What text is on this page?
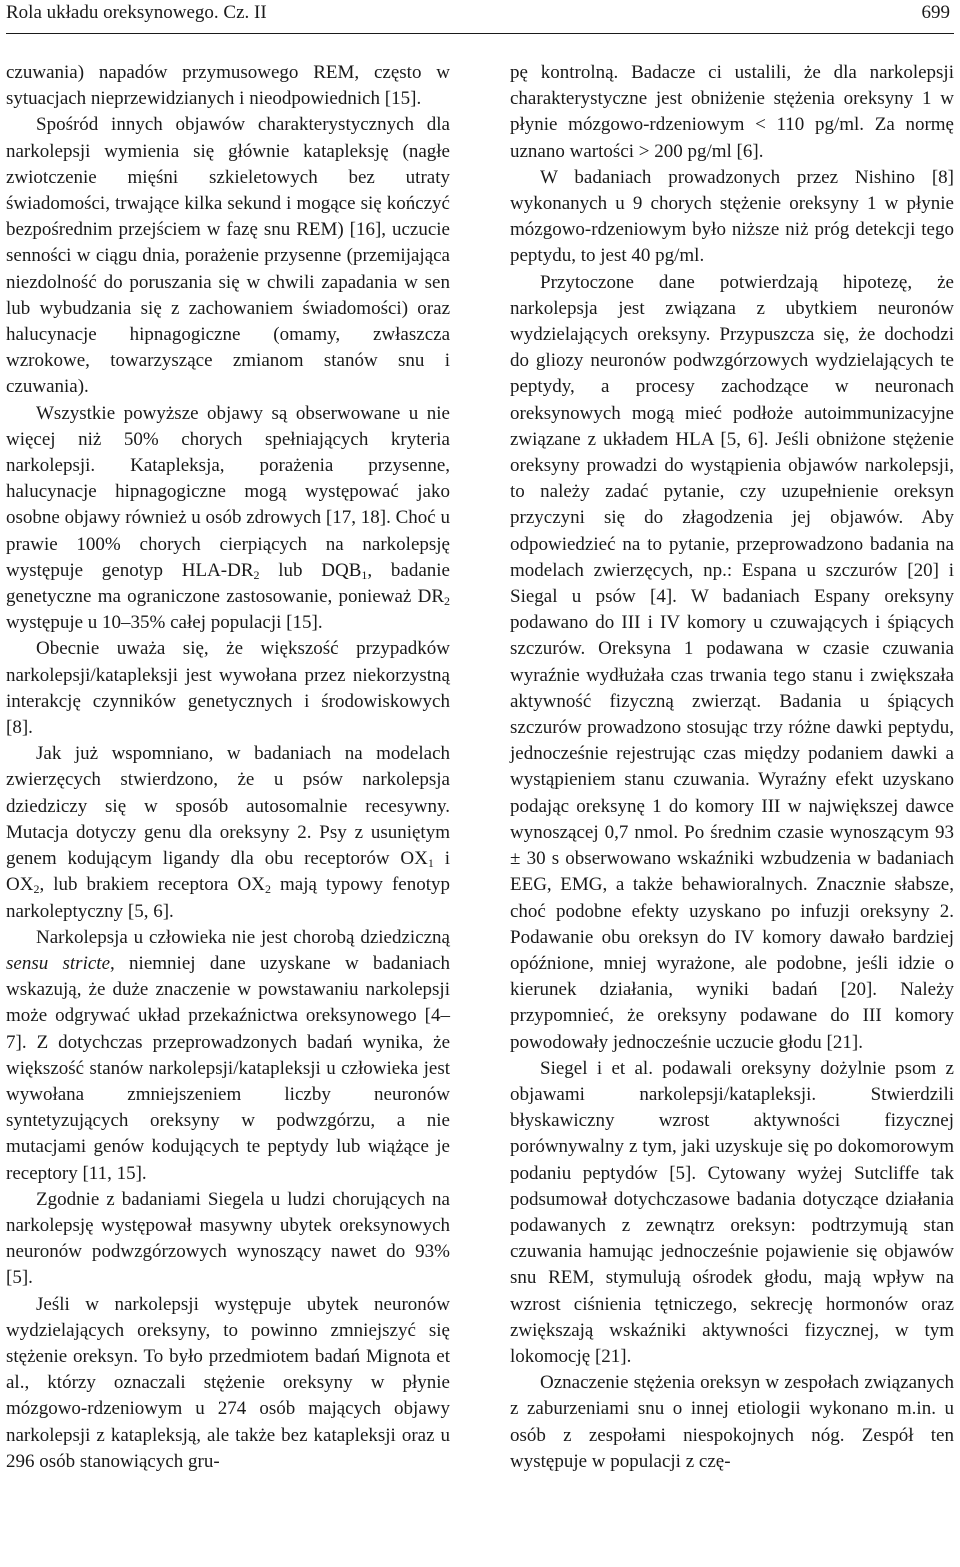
Rola układu oreksynowego. Cz. II	699

czuwania) napadów przymusowego REM, często w sytuacjach nieprzewidzianych i nieodpowiednich [15].

Spośród innych objawów charakterystycznych dla narkolepsji wymienia się głównie katapleksję (nagłe zwiotczenie mięśni szkieletowych bez utraty świadomości, trwające kilka sekund i mogące się kończyć bezpośrednim przejściem w fazę snu REM) [16], uczucie senności w ciągu dnia, porażenie przysenne (przemijająca niezdolność do poruszania się w chwili zapadania w sen lub wybudzania się z zachowaniem świadomości) oraz halucynacje hipnagogiczne (omamy, zwłaszcza wzrokowe, towarzyszące zmianom stanów snu i czuwania).

Wszystkie powyższe objawy są obserwowane u nie więcej niż 50% chorych spełniających kryteria narkolepsji. Katapleksja, porażenia przysenne, halucynacje hipnagogiczne mogą występować jako osobne objawy również u osób zdrowych [17, 18]. Choć u prawie 100% chorych cierpiących na narkolepsję występuje genotyp HLA-$DR_2$ lub $DQB_1$, badanie genetyczne ma ograniczone zastosowanie, ponieważ $DR_2$ występuje u 10–35% całej populacji [15].

Obecnie uważa się, że większość przypadków narkolepsji/katapleksji jest wywołana przez niekorzystną interakcję czynników genetycznych i środowiskowych [8].

Jak już wspomniano, w badaniach na modelach zwierzęcych stwierdzono, że u psów narkolepsja dziedziczy się w sposób autosomalnie recesywny. Mutacja dotyczy genu dla oreksyny 2. Psy z usuniętym genem kodującym ligandy dla obu receptorów $OX_1$ i $OX_2$, lub brakiem receptora $OX_2$ mają typowy fenotyp narkoleptyczny [5, 6].

Narkolepsja u człowieka nie jest chorobą dziedziczną sensu stricte, niemniej dane uzyskane w badaniach wskazują, że duże znaczenie w powstawaniu narkolepsji może odgrywać układ przekaźnictwa oreksynowego [4–7]. Z dotychczas przeprowadzonych badań wynika, że większość stanów narkolepsji/katapleksji u człowieka jest wywołana zmniejszeniem liczby neuronów syntetyzujących oreksyny w podwzgórzu, a nie mutacjami genów kodujących te peptydy lub wiążące je receptory [11, 15].

Zgodnie z badaniami Siegela u ludzi chorujących na narkolepsję występował masywny ubytek oreksynowych neuronów podwzgórzowych wynoszący nawet do 93% [5].

Jeśli w narkolepsji występuje ubytek neuronów wydzielających oreksyny, to powinno zmniejszyć się stężenie oreksyn. To było przedmiotem badań Mignota et al., którzy oznaczali stężenie oreksyny w płynie mózgowo-rdzeniowym u 274 osób mających objawy narkolepsji z katapleksją, ale także bez katapleksji oraz u 296 osób stanowiących gru-

pę kontrolną. Badacze ci ustalili, że dla narkolepsji charakterystyczne jest obniżenie stężenia oreksyny 1 w płynie mózgowo-rdzeniowym < 110 pg/ml. Za normę uznano wartości > 200 pg/ml [6].

W badaniach prowadzonych przez Nishino [8] wykonanych u 9 chorych stężenie oreksyny 1 w płynie mózgowo-rdzeniowym było niższe niż próg detekcji tego peptydu, to jest 40 pg/ml.

Przytoczone dane potwierdzają hipotezę, że narkolepsja jest związana z ubytkiem neuronów wydzielających oreksyny. Przypuszcza się, że dochodzi do gliozy neuronów podwzgórzowych wydzielających te peptydy, a procesy zachodzące w neuronach oreksynowych mogą mieć podłoże autoimmunizacyjne związane z układem HLA [5, 6]. Jeśli obniżone stężenie oreksyny prowadzi do wystąpienia objawów narkolepsji, to należy zadać pytanie, czy uzupełnienie oreksyn przyczyni się do złagodzenia jej objawów. Aby odpowiedzieć na to pytanie, przeprowadzono badania na modelach zwierzęcych, np.: Espana u szczurów [20] i Siegal u psów [4]. W badaniach Espany oreksyny podawano do III i IV komory u czuwających i śpiących szczurów. Oreksyna 1 podawana w czasie czuwania wyraźnie wydłużała czas trwania tego stanu i zwiększała aktywność fizyczną zwierząt. Badania u śpiących szczurów prowadzono stosując trzy różne dawki peptydu, jednocześnie rejestrując czas między podaniem dawki a wystąpieniem stanu czuwania. Wyraźny efekt uzyskano podając oreksynę 1 do komory III w największej dawce wynoszącej 0,7 nmol. Po średnim czasie wynoszącym 93 ± 30 s obserwowano wskaźniki wzbudzenia w badaniach EEG, EMG, a także behawioralnych. Znacznie słabsze, choć podobne efekty uzyskano po infuzji oreksyny 2. Podawanie obu oreksyn do IV komory dawało bardziej opóźnione, mniej wyrażone, ale podobne, jeśli idzie o kierunek działania, wyniki badań [20]. Należy przypomnieć, że oreksyny podawane do III komory powodowały jednocześnie uczucie głodu [21].

Siegel i et al. podawali oreksyny dożylnie psom z objawami narkolepsji/katapleksji. Stwierdzili błyskawiczny wzrost aktywności fizycznej porównywalny z tym, jaki uzyskuje się po dokomorowym podaniu peptydów [5]. Cytowany wyżej Sutcliffe tak podsumował dotychczasowe badania dotyczące działania podawanych z zewnątrz oreksyn: podtrzymują stan czuwania hamując jednocześnie pojawienie się objawów snu REM, stymulują ośrodek głodu, mają wpływ na wzrost ciśnienia tętniczego, sekrecję hormonów oraz zwiększają wskaźniki aktywności fizycznej, w tym lokomocję [21].

Oznaczenie stężenia oreksyn w zespołach związanych z zaburzeniami snu o innej etiologii wykonano m.in. u osób z zespołami niespokojnych nóg. Zespół ten występuje w populacji z czę-
